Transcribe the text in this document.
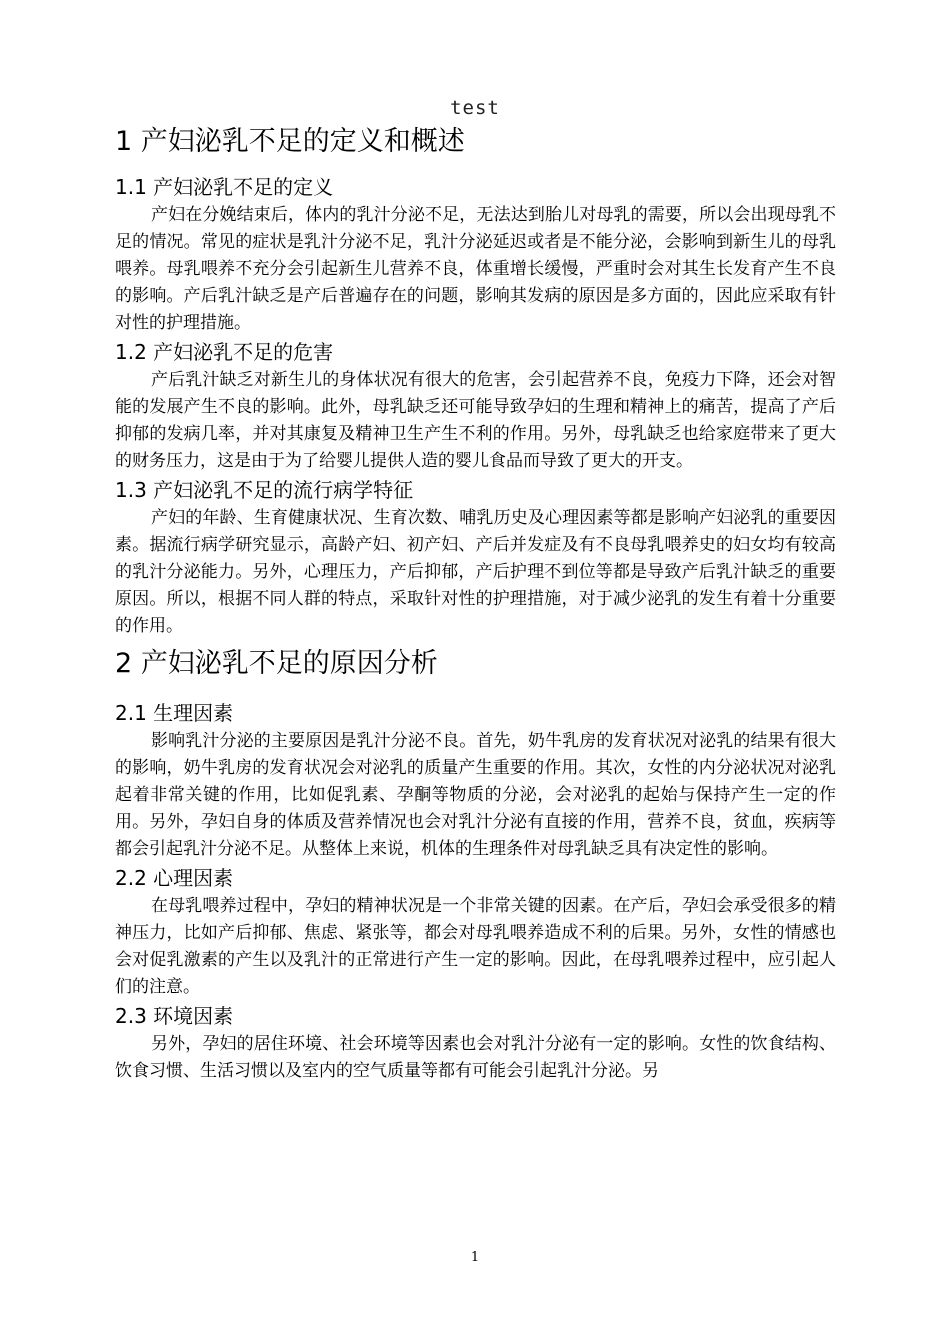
test
1 产妇泌乳不足的定义和概述
1.1 产妇泌乳不足的定义

产妇在分娩结束后，体内的乳汁分泌不足，无法达到胎儿对母乳的需要，所以会出现母乳不足的情况。常见的症状是乳汁分泌不足，乳汁分泌延迟或者是不能分泌，会影响到新生儿的母乳喂养。母乳喂养不充分会引起新生儿营养不良，体重增长缓慢，严重时会对其生长发育产生不良的影响。产后乳汁缺乏是产后普遍存在的问题，影响其发病的原因是多方面的，因此应采取有针对性的护理措施。

1.2 产妇泌乳不足的危害

产后乳汁缺乏对新生儿的身体状况有很大的危害，会引起营养不良，免疫力下降，还会对智能的发展产生不良的影响。此外，母乳缺乏还可能导致孕妇的生理和精神上的痛苦，提高了产后抑郁的发病几率，并对其康复及精神卫生产生不利的作用。另外，母乳缺乏也给家庭带来了更大的财务压力，这是由于为了给婴儿提供人造的婴儿食品而导致了更大的开支。

1.3 产妇泌乳不足的流行病学特征

产妇的年龄、生育健康状况、生育次数、哺乳历史及心理因素等都是影响产妇泌乳的重要因素。据流行病学研究显示，高龄产妇、初产妇、产后并发症及有不良母乳喂养史的妇女均有较高的乳汁分泌能力。另外，心理压力，产后抑郁，产后护理不到位等都是导致产后乳汁缺乏的重要原因。所以，根据不同人群的特点，采取针对性的护理措施，对于减少泌乳的发生有着十分重要的作用。

2 产妇泌乳不足的原因分析
2.1 生理因素

影响乳汁分泌的主要原因是乳汁分泌不良。首先，奶牛乳房的发育状况对泌乳的结果有很大的影响，奶牛乳房的发育状况会对泌乳的质量产生重要的作用。其次，女性的内分泌状况对泌乳起着非常关键的作用，比如促乳素、孕酮等物质的分泌，会对泌乳的起始与保持产生一定的作用。另外，孕妇自身的体质及营养情况也会对乳汁分泌有直接的作用，营养不良，贫血，疾病等都会引起乳汁分泌不足。从整体上来说，机体的生理条件对母乳缺乏具有决定性的影响。

2.2 心理因素

在母乳喂养过程中，孕妇的精神状况是一个非常关键的因素。在产后，孕妇会承受很多的精神压力，比如产后抑郁、焦虑、紧张等，都会对母乳喂养造成不利的后果。另外，女性的情感也会对促乳激素的产生以及乳汁的正常进行产生一定的影响。因此，在母乳喂养过程中，应引起人们的注意。

2.3 环境因素

另外，孕妇的居住环境、社会环境等因素也会对乳汁分泌有一定的影响。女性的饮食结构、饮食习惯、生活习惯以及室内的空气质量等都有可能会引起乳汁分泌。另

1
